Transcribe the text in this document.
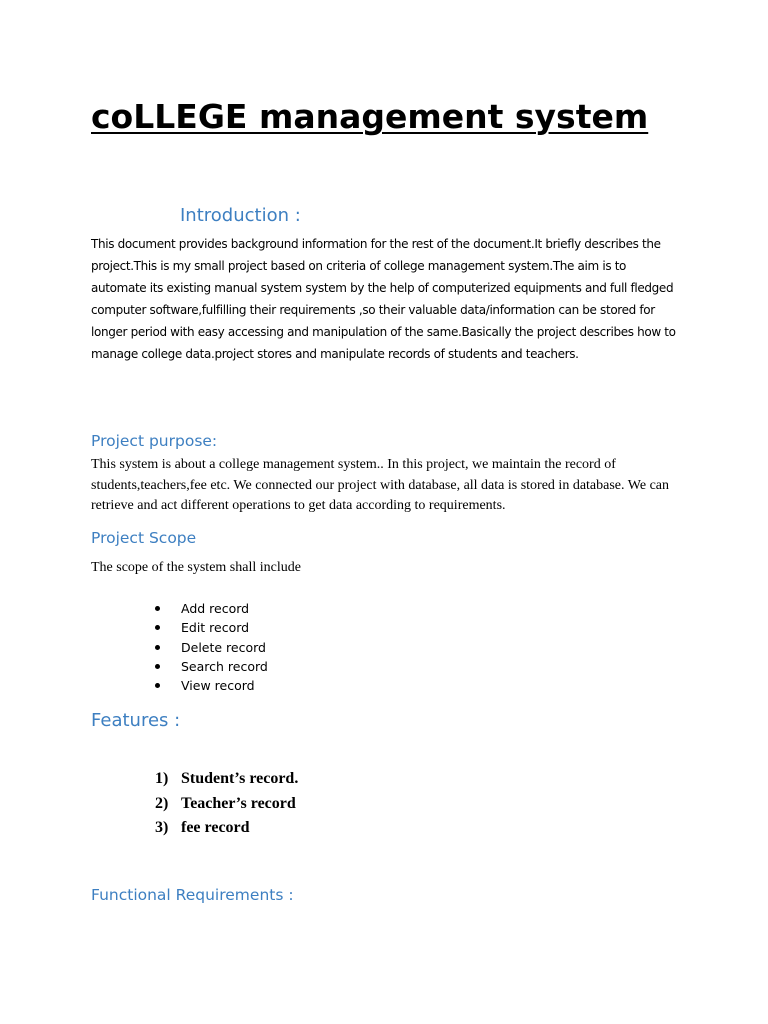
coLLEGE management system
Introduction :

This document provides background information for the rest of the document.It briefly describes the project.This is my small project based on criteria of college management system.The aim is to automate its existing manual system system by the help of computerized equipments and full fledged computer software,fulfilling their requirements ,so their valuable data/information can be stored for longer period with easy accessing and manipulation of the same.Basically the project describes how to manage college data.project stores and manipulate records of students and teachers.

Project purpose:

This system is about a college management system.. In this project, we maintain the record of students,teachers,fee etc. We connected our project with database, all data is stored in database. We can retrieve and act different operations to get data according to requirements.

Project Scope

The scope of the system shall include

Add record
Edit record
Delete record
Search record
View record
Features :
1) Student’s record.
2) Teacher’s record
3) fee record
Functional Requirements :
